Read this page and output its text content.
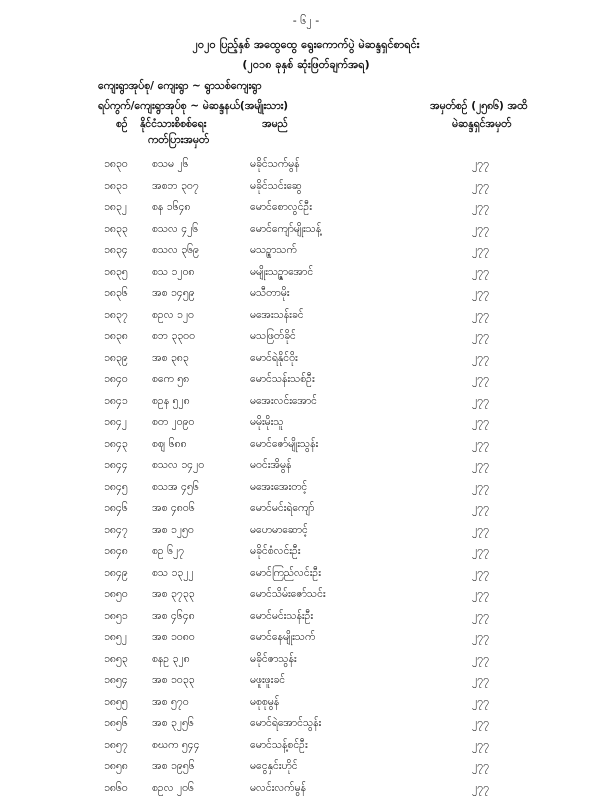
- ၆၂ -
၂၀၂၀ ပြည့်နှစ် အထွေထွေ ရွေးကောက်ပွဲ မဲဆန္ဒရှင်စာရင်း
(၂၀၁၈ ခုနှစ် ဆုံးဖြတ်ချက်အရ)
ကျေးရွာအုပ်စု/ ကျေးရွာ ~ ရွာသစ်ကျေးရွာ
ရပ်ကွက်/ကျေးရွာအုပ်စု ~ မဲဆန္ဒနယ်(အမျိုးသား)	အမှတ်စဉ် (၂၅၈၆) အထိ
စဉ် နိုင်ငံသားစိစစ်ရေး
ကတ်ပြားအမှတ်
အမည်	မဲဆန္ဒရှင်အမှတ်
၁၈၃၀ စသမ ၂၆	မခိုင်သက်မွန်	၂၇၇
၁၈၃၁ အစဘ ၃၀၇	မခိုင်သင်းဆွေ	၂၇၇
၁၈၃၂ စန ၁၆၄၈	မောင်စောလွင်ဦး	၂၇၇
၁၈၃၃ စသလ ၄၂၆	မောင်ကျော်မျိုးသန့်	၂၇၇
၁၈၃၄ စသလ ၃၆၉	မသဥ္စာသက်	၂၇၇
၁၈၃၅ စသ ၁၂၀၈	မမျိုးသဉ္ဇာအောင်	၂၇၇
၁၈၃၆ အစ ၁၄၅၉	မသီတာမိုး	၂၇၇
၁၈၃၇ စဥလ ၁၂၀	မအေးသန်းခင်	၂၇၇
၁၈၃၈ စဘ ၃၃၀၀	မသဖြတ်ခိုင်	၂၇၇
၁၈၃၉ အစ ၃၈၃	မောင်ရဲနိုင်ဝိုး	၂၇၇
၁၈၄၀ စကေ ၅၈	မောင်သန်းသစ်ဦး	၂၇၇
၁၈၄၁ စဥန ၅၂၈	မအေးလင်းအောင်	၂၇၇
၁၈၄၂ စတ ၂၀၉၀	မမိုးမိုးသူ	၂၇၇
၁၈၄၃ စဈ ၆၈၈	မောင်ဇော်မျိုးသွန်း	၂၇၇
၁၈၄၄ စသလ ၁၄၂၀	မဝင်းအိမွန်	၂၇၇
၁၈၄၅ စသအ ၄၅၆	မအေးအေးတင့်	၂၇၇
၁၈၄၆ အစ ၄၈၀၆	မောင်မင်းရဲကျော်	၂၇၇
၁၈၄၇ အစ ၁၂၅၀	မဟေမာဆောင့်	၂၇၇
၁၈၄၈ စဥ ၆၂၇	မခိုင်စံလင်းဦး	၂၇၇
၁၈၄၉ စသ ၁၃၂၂	မောင်ကြည်လင်းဦး	၂၇၇
၁၈၅၀ အစ ၃၇၃၃	မောင်သိမ်းဇော်သင်း	၂၇၇
၁၈၅၁ အစ ၄၆၄၈	မောင်မင်းသန်းဦး	၂၇၇
၁၈၅၂ အစ ၁၀၈၀	မောင်နေမျိုးသက်	၂၇၇
၁၈၅၃ စနဥ ၃၂၈	မခိုင်ဇာသွန်း	၂၇၇
၁၈၅၄ အစ ၁၀၃၃	မဖူးဖူးခင်	၂၇၇
၁၈၅၅ အစ ၅၇၀	မစုစုမွန်	၂၇၇
၁၈၅၆ အစ ၃၂၅၆	မောင်ရဲအောင်သွန်း	၂၇၇
၁၈၅၇ စဃက ၅၄၄	မောင်သန့်စင်ဦး	၂၇၇
၁၈၅၈ အစ ၁၉၅၆	မငွေနှင်းဟိုင်	၂၇၇
၁၈၆၀ စဥလ ၂၀၆	မလင်းလက်မွန်	၂၇၇
